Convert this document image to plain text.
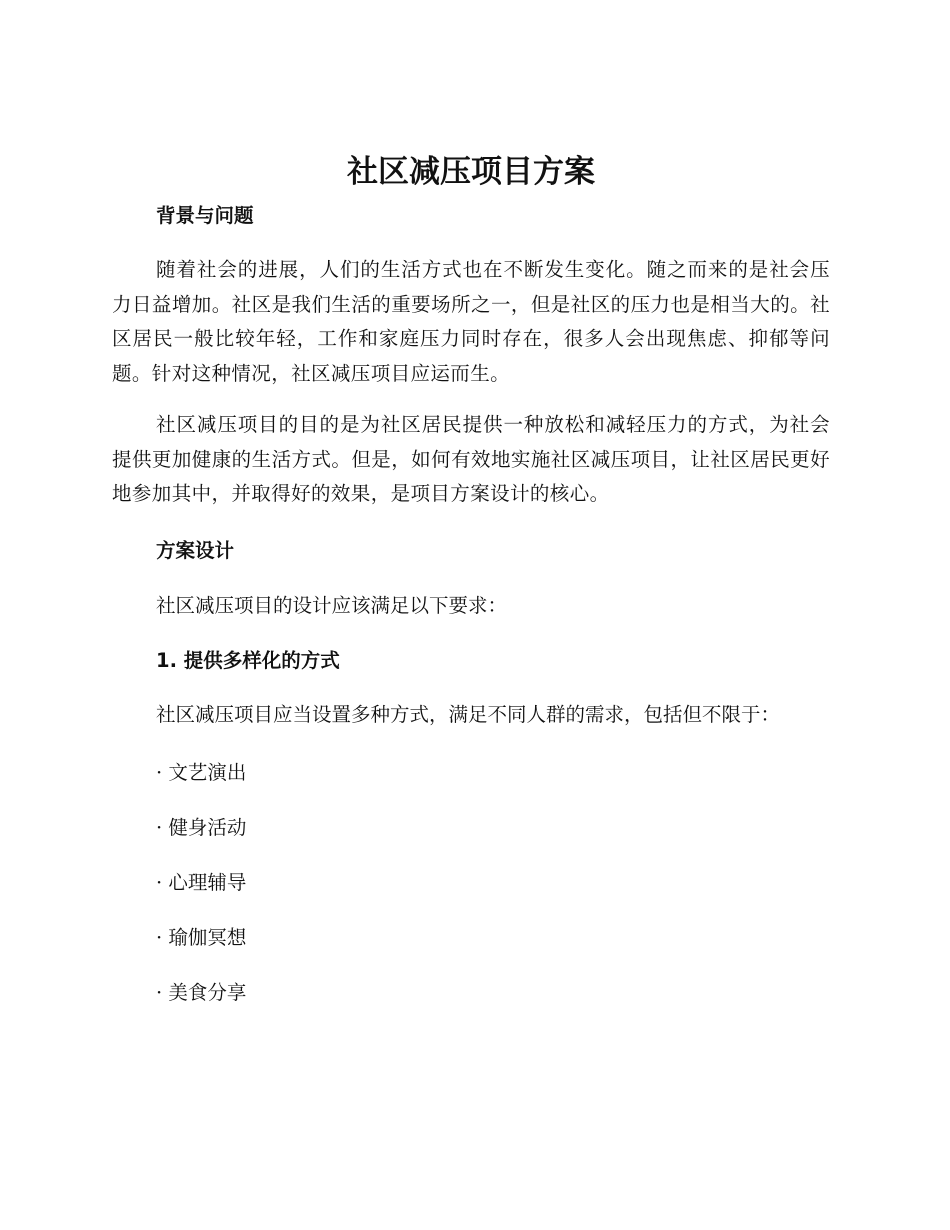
社区减压项目方案
背景与问题
随着社会的进展，人们的生活方式也在不断发生变化。随之而来的是社会压力日益增加。社区是我们生活的重要场所之一，但是社区的压力也是相当大的。社区居民一般比较年轻，工作和家庭压力同时存在，很多人会出现焦虑、抑郁等问题。针对这种情况，社区减压项目应运而生。
社区减压项目的目的是为社区居民提供一种放松和减轻压力的方式，为社会提供更加健康的生活方式。但是，如何有效地实施社区减压项目，让社区居民更好地参加其中，并取得好的效果，是项目方案设计的核心。
方案设计
社区减压项目的设计应该满足以下要求：
1. 提供多样化的方式
社区减压项目应当设置多种方式，满足不同人群的需求，包括但不限于：
· 文艺演出
· 健身活动
· 心理辅导
· 瑜伽冥想
· 美食分享
